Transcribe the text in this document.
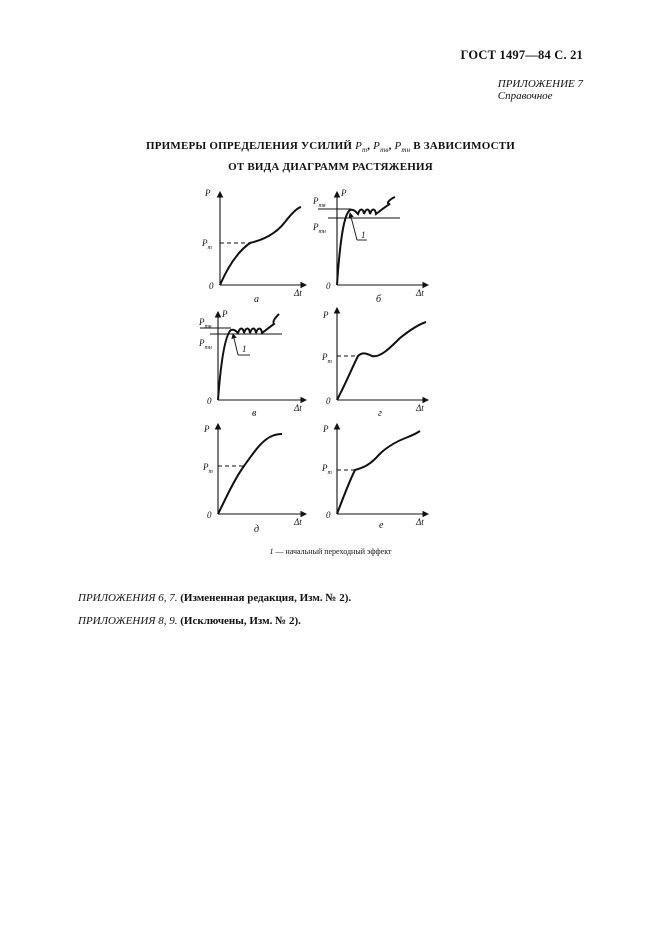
ГОСТ 1497—84 С. 21
ПРИЛОЖЕНИЕ 7
Справочное
ПРИМЕРЫ ОПРЕДЕЛЕНИЯ УСИЛИЙ $P_т$, $P_{тв}$, $P_{тн}$ В ЗАВИСИМОСТИ
ОТ ВИДА ДИАГРАММ РАСТЯЖЕНИЯ
P
$P_т$
0
Δt
а
P
$P_{тв}$
$P_{тн}$	1
0
Δt
б
P
$P_{тв}$
$P_{тн}$	1
0
Δt
в
P
$P_т$
0
Δt
г
P
$P_т$
0
Δt
д
P
$P_т$
0
Δt
е
1 — начальный переходный эффект
ПРИЛОЖЕНИЯ 6, 7. (Измененная редакция, Изм. № 2).
ПРИЛОЖЕНИЯ 8, 9. (Исключены, Изм. № 2).
